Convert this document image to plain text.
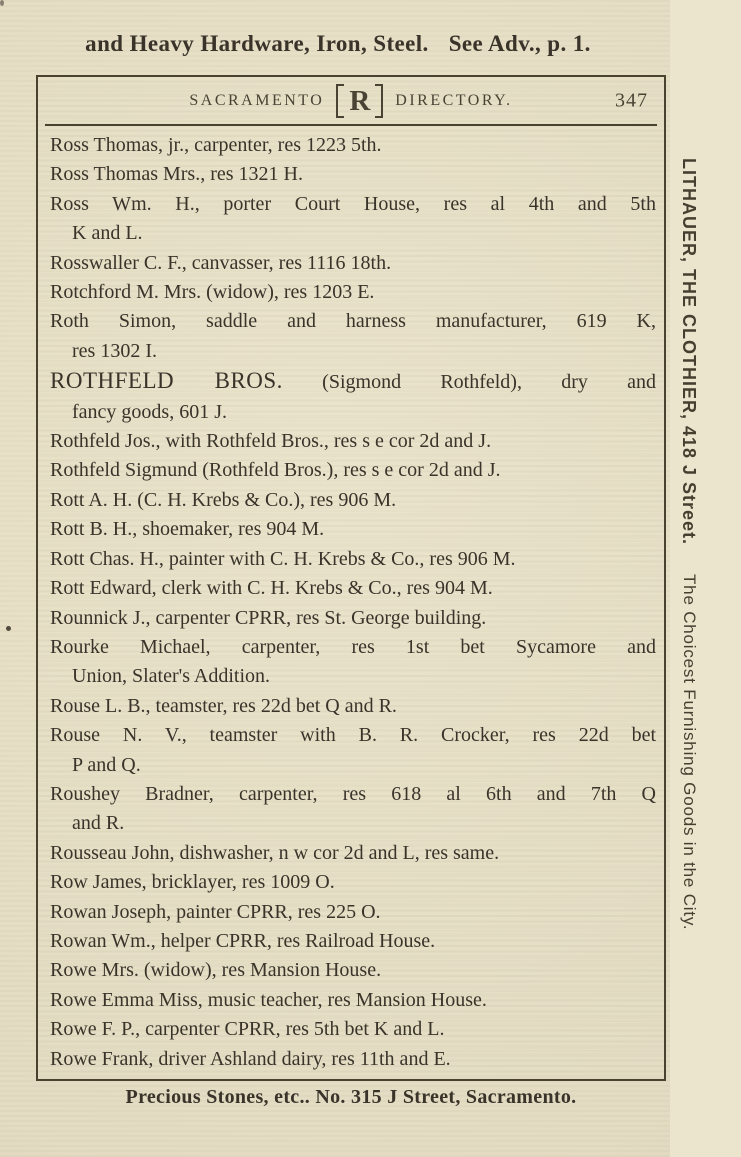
and Heavy Hardware, Iron, Steel. See Adv., p. 1.
SACRAMENTO R	DIRECTORY.	347
Ross Thomas, jr., carpenter, res 1223 5th.
Ross Thomas Mrs., res 1321 H.
Ross Wm. H., porter Court House, res al 4th and 5th
K and L.
Rosswaller C. F., canvasser, res 1116 18th.
Rotchford M. Mrs. (widow), res 1203 E.
Roth Simon, saddle and harness manufacturer, 619 K,
res 1302 I.
ROTHFELD BROS. (Sigmond Rothfeld), dry and
fancy goods, 601 J.
Rothfeld Jos., with Rothfeld Bros., res s e cor 2d and J.
Rothfeld Sigmund (Rothfeld Bros.), res s e cor 2d and J.
Rott A. H. (C. H. Krebs & Co.), res 906 M.
Rott B. H., shoemaker, res 904 M.
Rott Chas. H., painter with C. H. Krebs & Co., res 906 M.
Rott Edward, clerk with C. H. Krebs & Co., res 904 M.
Rounnick J., carpenter CPRR, res St. George building.
Rourke Michael, carpenter, res 1st bet Sycamore and
Union, Slater's Addition.
Rouse L. B., teamster, res 22d bet Q and R.
Rouse N. V., teamster with B. R. Crocker, res 22d bet
P and Q.
Roushey Bradner, carpenter, res 618 al 6th and 7th Q
and R.
Rousseau John, dishwasher, n w cor 2d and L, res same.
Row James, bricklayer, res 1009 O.
Rowan Joseph, painter CPRR, res 225 O.
Rowan Wm., helper CPRR, res Railroad House.
Rowe Mrs. (widow), res Mansion House.
Rowe Emma Miss, music teacher, res Mansion House.
Rowe F. P., carpenter CPRR, res 5th bet K and L.
Rowe Frank, driver Ashland dairy, res 11th and E.
LITHAUER, THE CLOTHIER, 418 J Street. The Choicest Furnishing Goods in the City.
Precious Stones, etc.. No. 315 J Street, Sacramento.
